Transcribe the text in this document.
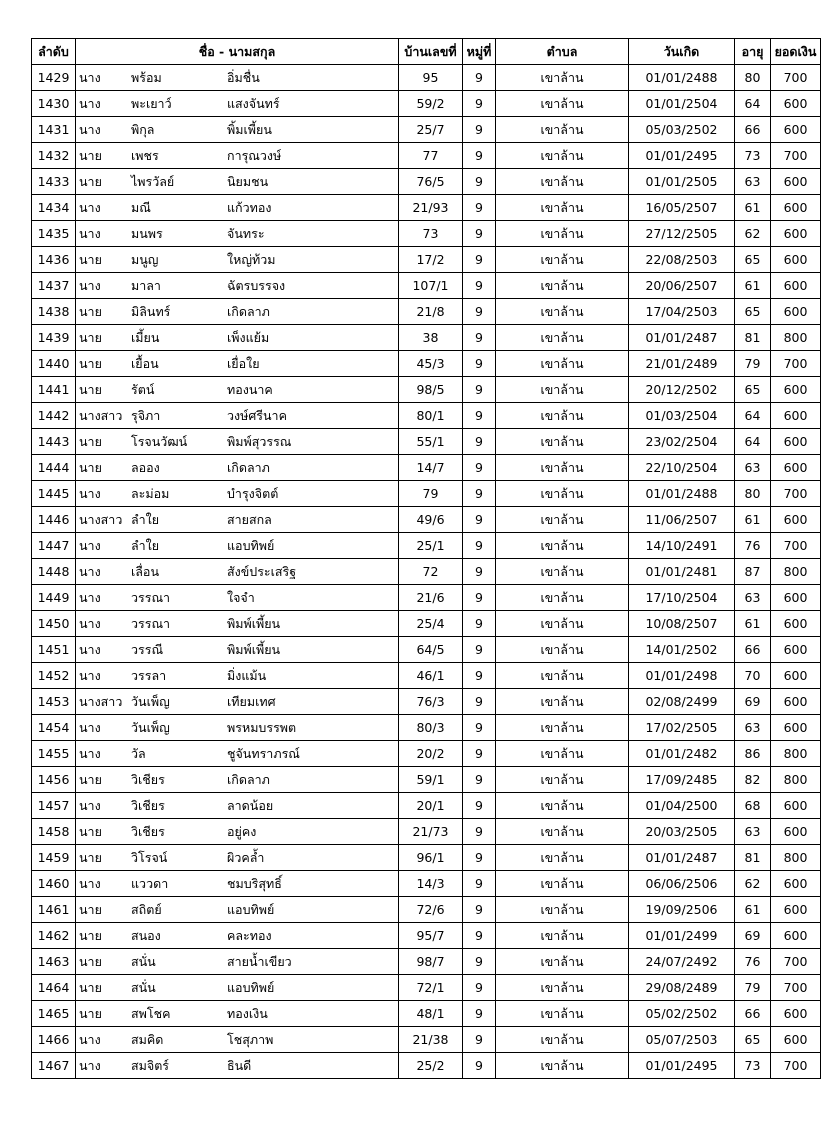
ลำดับ	ชื่อ - นามสกุล	บ้านเลขที่	หมู่ที่	ตำบล	วันเกิด	อายุ	ยอดเงิน
1429	นาง พร้อม อิ่มชื่น	95	9	เขาล้าน	01/01/2488	80	700
1430	นาง พะเยาว์ แสงจันทร์	59/2	9	เขาล้าน	01/01/2504	64	600
1431	นาง พิกุล พิ้มเพี้ยน	25/7	9	เขาล้าน	05/03/2502	66	600
1432	นาย เพชร การุณวงษ์	77	9	เขาล้าน	01/01/2495	73	700
1433	นาย ไพรวัลย์ นิยมชน	76/5	9	เขาล้าน	01/01/2505	63	600
1434	นาง มณี แก้วทอง	21/93	9	เขาล้าน	16/05/2507	61	600
1435	นาง มนพร จันทระ	73	9	เขาล้าน	27/12/2505	62	600
1436	นาย มนูญ ใหญ่ท้วม	17/2	9	เขาล้าน	22/08/2503	65	600
1437	นาง มาลา ฉัตรบรรจง	107/1	9	เขาล้าน	20/06/2507	61	600
1438	นาย มิลินทร์ เกิดลาภ	21/8	9	เขาล้าน	17/04/2503	65	600
1439	นาย เมี้ยน เพ็งแย้ม	38	9	เขาล้าน	01/01/2487	81	800
1440	นาย เยื้อน เยื่อใย	45/3	9	เขาล้าน	21/01/2489	79	700
1441	นาย รัตน์ ทองนาค	98/5	9	เขาล้าน	20/12/2502	65	600
1442	นางสาว รุจิภา วงษ์ศรีนาค	80/1	9	เขาล้าน	01/03/2504	64	600
1443	นาย โรจนวัฒน์ พิมพ์สุวรรณ	55/1	9	เขาล้าน	23/02/2504	64	600
1444	นาย ลออง เกิดลาภ	14/7	9	เขาล้าน	22/10/2504	63	600
1445	นาง ละม่อม บำรุงจิตต์	79	9	เขาล้าน	01/01/2488	80	700
1446	นางสาว ลำใย สายสกล	49/6	9	เขาล้าน	11/06/2507	61	600
1447	นาง ลำใย แอบทิพย์	25/1	9	เขาล้าน	14/10/2491	76	700
1448	นาง เลื่อน สังข์ประเสริฐ	72	9	เขาล้าน	01/01/2481	87	800
1449	นาง วรรณา ใจจำ	21/6	9	เขาล้าน	17/10/2504	63	600
1450	นาง วรรณา พิมพ์เพี้ยน	25/4	9	เขาล้าน	10/08/2507	61	600
1451	นาง วรรณี พิมพ์เพี้ยน	64/5	9	เขาล้าน	14/01/2502	66	600
1452	นาง วรรลา มิ่งแม้น	46/1	9	เขาล้าน	01/01/2498	70	600
1453	นางสาว วันเพ็ญ เทียมเทศ	76/3	9	เขาล้าน	02/08/2499	69	600
1454	นาง วันเพ็ญ พรหมบรรพต	80/3	9	เขาล้าน	17/02/2505	63	600
1455	นาง วัล ชูจันทราภรณ์	20/2	9	เขาล้าน	01/01/2482	86	800
1456	นาย วิเชียร เกิดลาภ	59/1	9	เขาล้าน	17/09/2485	82	800
1457	นาง วิเชียร ลาดน้อย	20/1	9	เขาล้าน	01/04/2500	68	600
1458	นาย วิเชียร อยู่คง	21/73	9	เขาล้าน	20/03/2505	63	600
1459	นาย วิโรจน์ ผิวคล้ำ	96/1	9	เขาล้าน	01/01/2487	81	800
1460	นาง แววดา ชมบริสุทธิ์	14/3	9	เขาล้าน	06/06/2506	62	600
1461	นาย สถิตย์ แอบทิพย์	72/6	9	เขาล้าน	19/09/2506	61	600
1462	นาย สนอง คละทอง	95/7	9	เขาล้าน	01/01/2499	69	600
1463	นาย สนั่น สายน้ำเขียว	98/7	9	เขาล้าน	24/07/2492	76	700
1464	นาย สนั่น แอบทิพย์	72/1	9	เขาล้าน	29/08/2489	79	700
1465	นาย สพโชค ทองเงิน	48/1	9	เขาล้าน	05/02/2502	66	600
1466	นาง สมคิด โชสุภาพ	21/38	9	เขาล้าน	05/07/2503	65	600
1467	นาง สมจิตร์ ธินดี	25/2	9	เขาล้าน	01/01/2495	73	700
